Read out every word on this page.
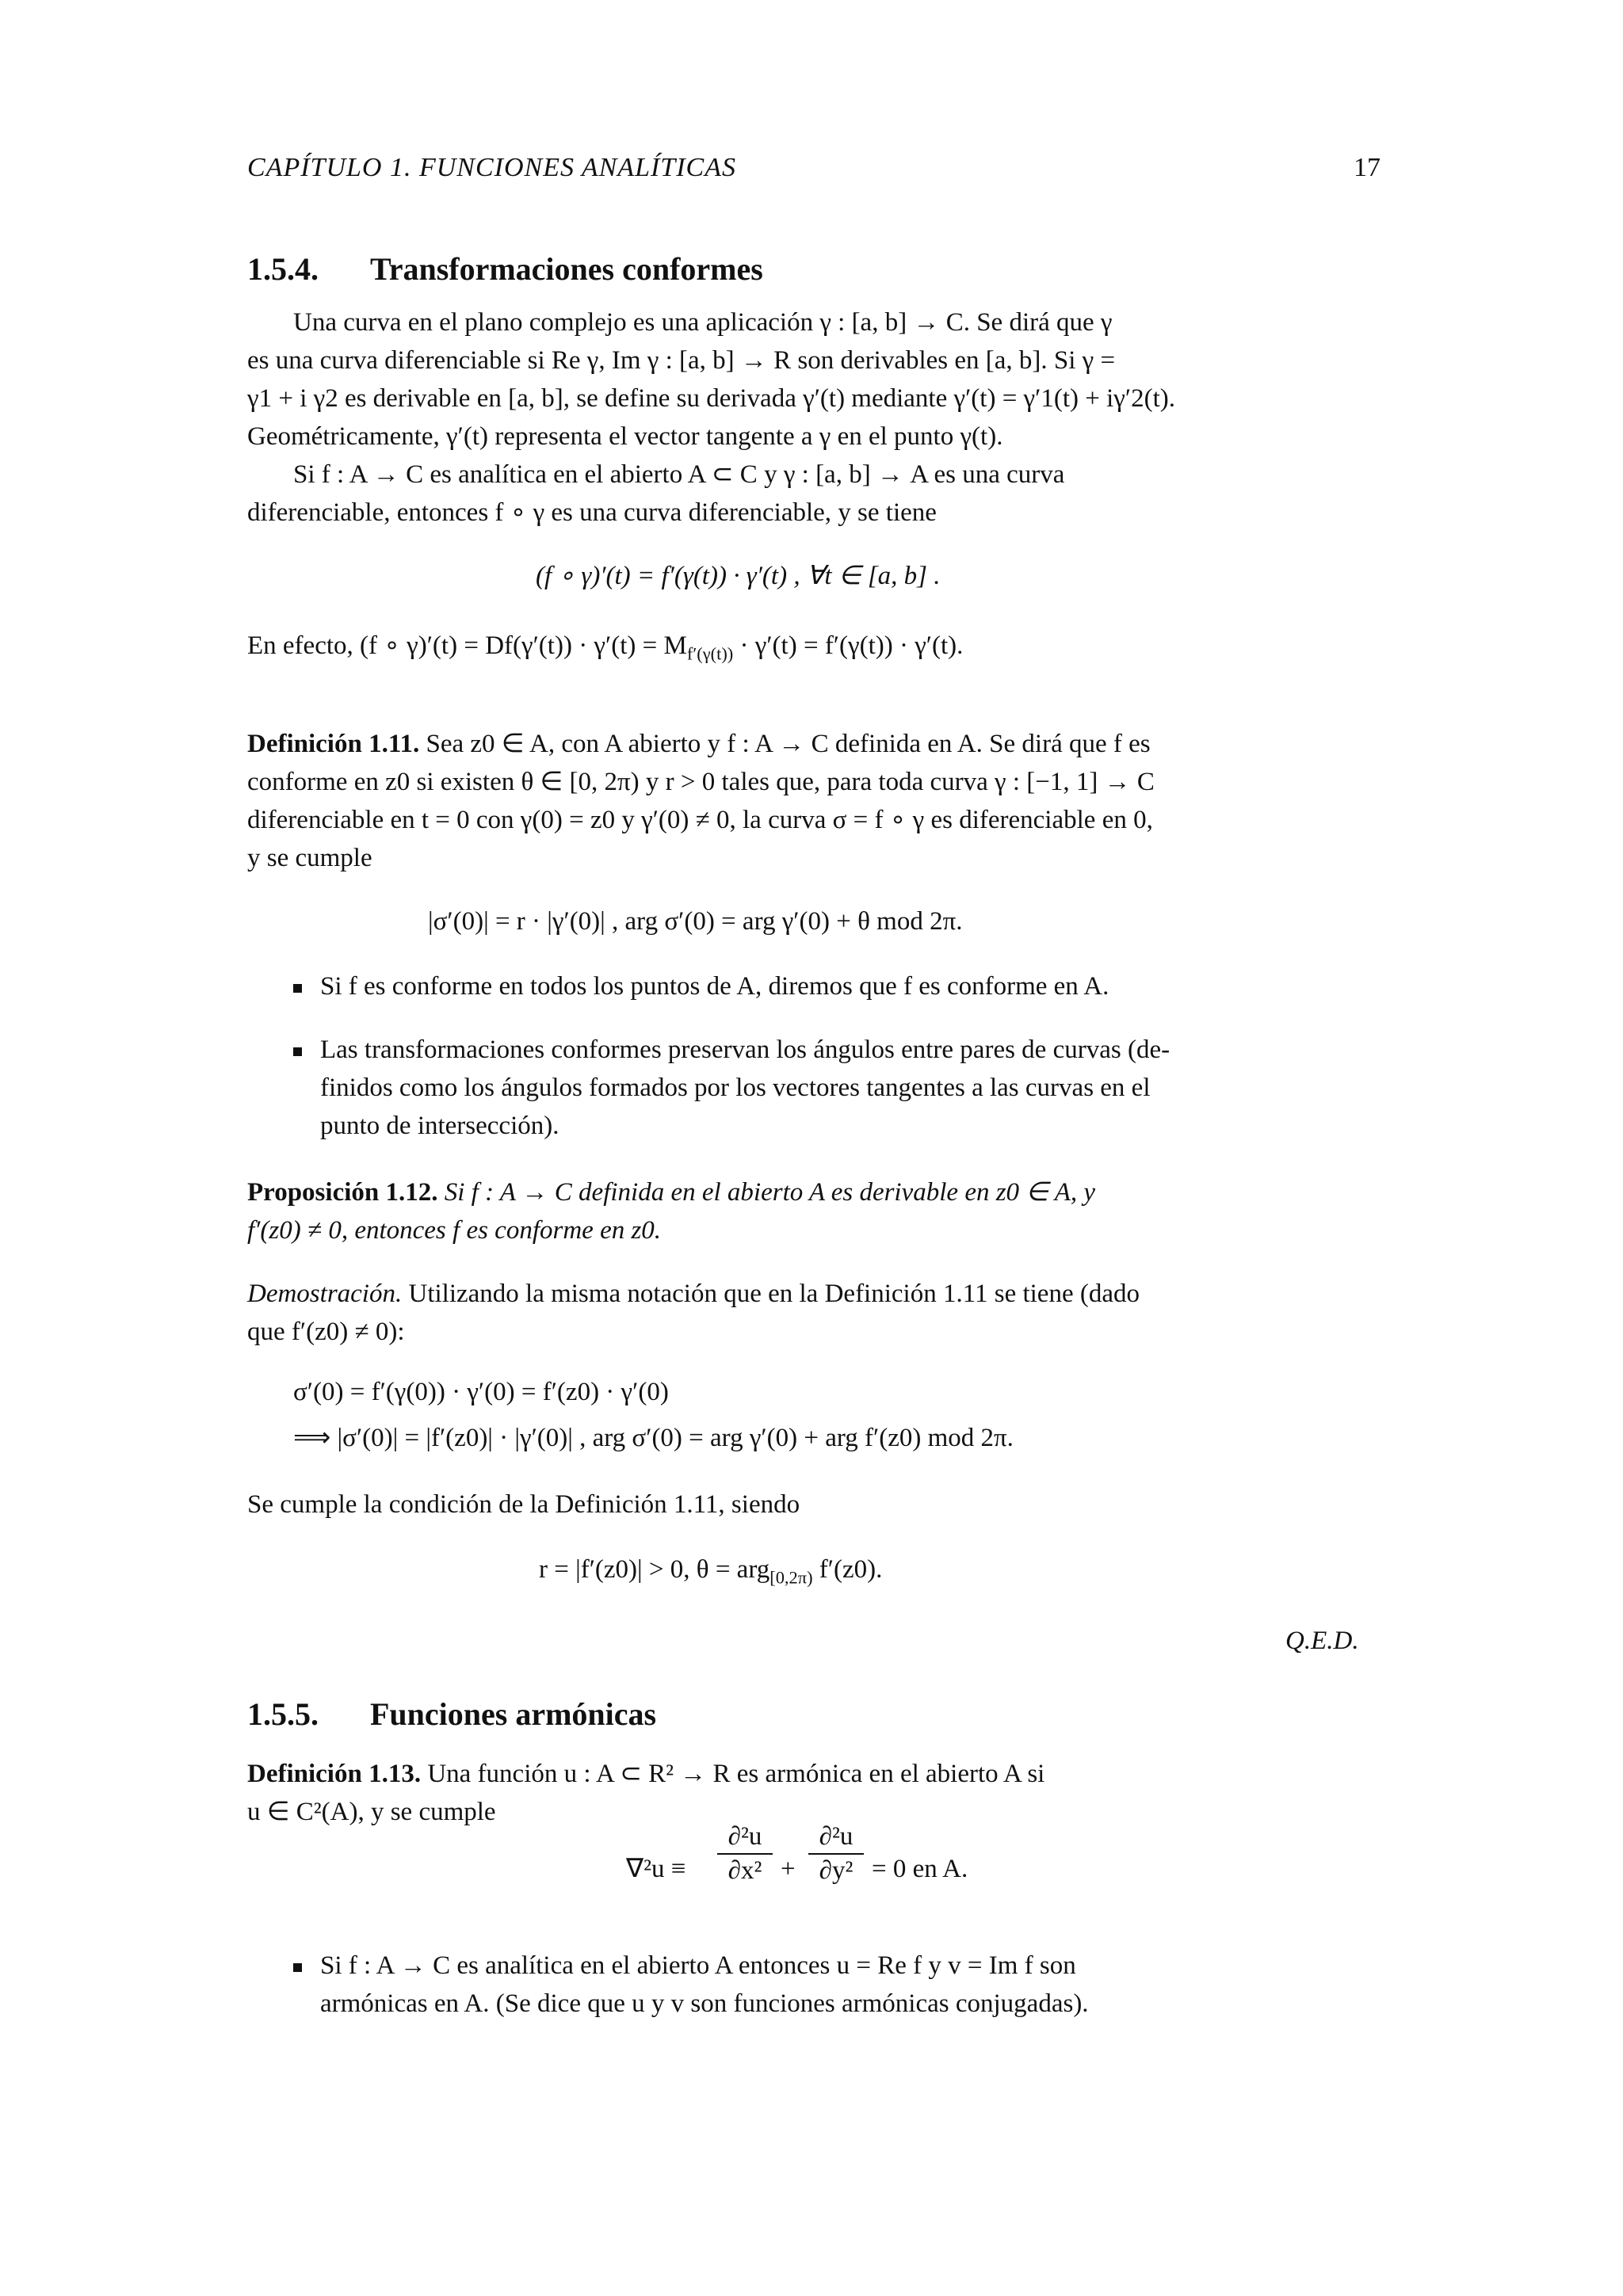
CAPÍTULO 1. FUNCIONES ANALÍTICAS	17
1.5.4. Transformaciones conformes
Una curva en el plano complejo es una aplicación γ : [a, b] → C. Se dirá que γ
es una curva diferenciable si Re γ, Im γ : [a, b] → R son derivables en [a, b]. Si γ =
γ1 + i γ2 es derivable en [a, b], se define su derivada γ′(t) mediante γ′(t) = γ′1(t) + iγ′2(t).
Geométricamente, γ′(t) representa el vector tangente a γ en el punto γ(t).
Si f : A → C es analítica en el abierto A ⊂ C y γ : [a, b] → A es una curva
diferenciable, entonces f ∘ γ es una curva diferenciable, y se tiene
(f ∘ γ)′(t) = f′(γ(t)) · γ′(t) , ∀t ∈ [a, b] .
En efecto, (f ∘ $\gamma)'(t) = Df(\gamma'(t)) \cdot \gamma'(t) = M_{f'(\gamma(t))} \cdot \gamma'(t) = f'(\gamma(t)) \cdot \gamma'(t)$.
Definición 1.11. Sea z0 ∈ A, con A abierto y f : A → C definida en A. Se dirá que f es
conforme en z0 si existen θ ∈ [0, 2π) y r > 0 tales que, para toda curva γ : [−1, 1] → C
diferenciable en t = 0 con γ(0) = z0 y γ′(0) ≠ 0, la curva σ = f ∘ γ es diferenciable en 0,
y se cumple
|σ′(0)| = r · |γ′(0)| , arg σ′(0) = arg γ′(0) + θ mod 2π.
Si f es conforme en todos los puntos de A, diremos que f es conforme en A.
Las transformaciones conformes preservan los ángulos entre pares de curvas (de-
finidos como los ángulos formados por los vectores tangentes a las curvas en el
punto de intersección).
Proposición 1.12. Si f : A → C definida en el abierto A es derivable en z0 ∈ A, y
f′(z0) ≠ 0, entonces f es conforme en z0.
Demostración. Utilizando la misma notación que en la Definición 1.11 se tiene (dado
que f′(z0) ≠ 0):
σ′(0) = f′(γ(0)) · γ′(0) = f′(z0) · γ′(0)
⟹ |σ′(0)| = |f′(z0)| · |γ′(0)| , arg σ′(0) = arg γ′(0) + arg f′(z0) mod 2π.
Se cumple la condición de la Definición 1.11, siendo
r = |f′(z0)| > 0, θ = arg$_{[0,2\pi)}$ f′(z0).
Q.E.D.
1.5.5. Funciones armónicas
Definición 1.13. Una función u : A ⊂ R² → R es armónica en el abierto A si
u ∈ C²(A), y se cumple
∇²u ≡
∂²u
∂x² +
∂²u
∂y² = 0 en A.
Si f : A → C es analítica en el abierto A entonces u = Re f y v = Im f son
armónicas en A. (Se dice que u y v son funciones armónicas conjugadas).
